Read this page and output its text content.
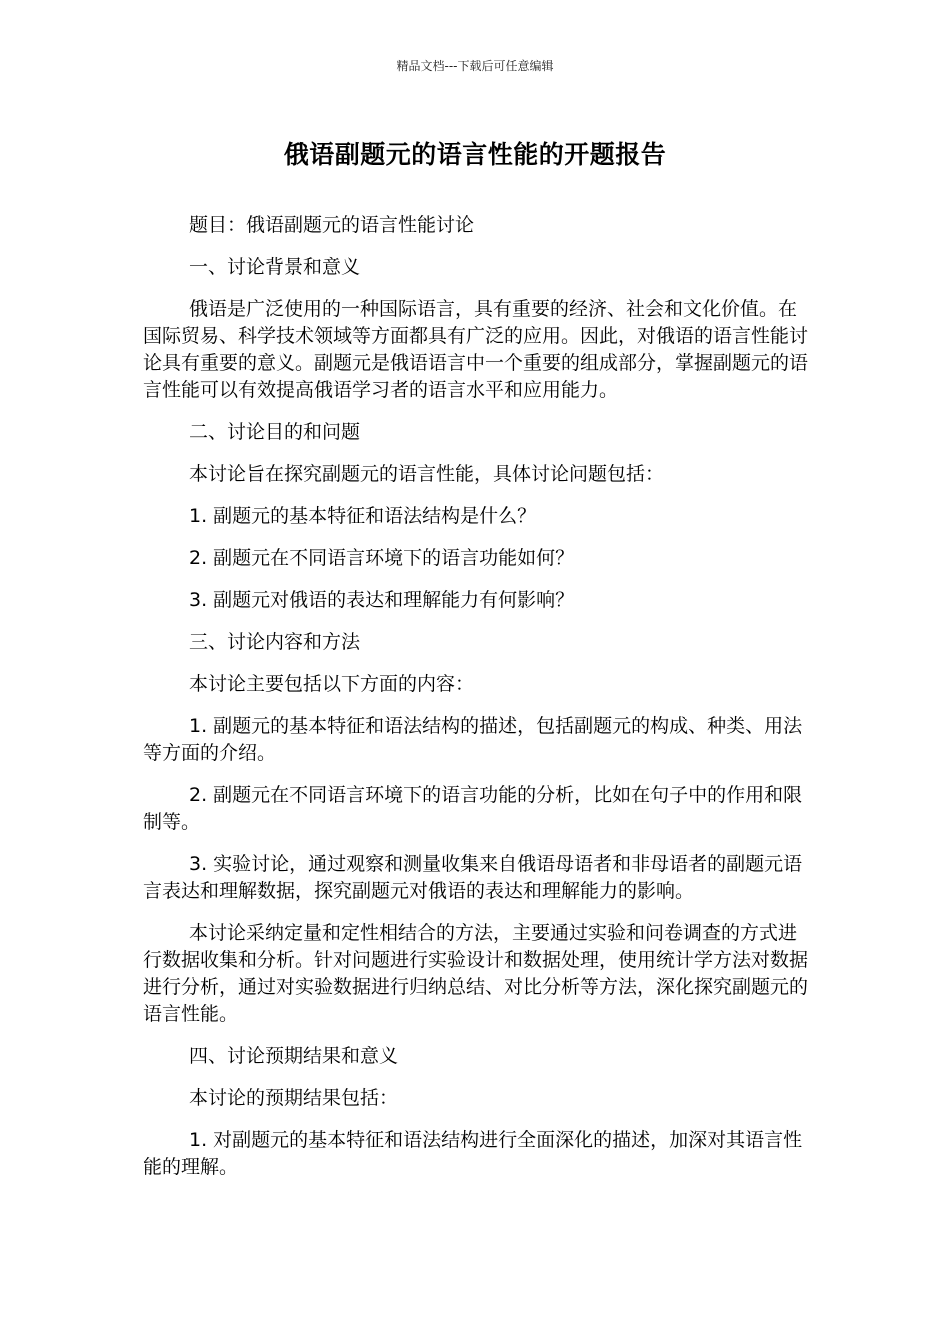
精品文档---下载后可任意编辑
俄语副题元的语言性能的开题报告

题目：俄语副题元的语言性能讨论

一、讨论背景和意义

俄语是广泛使用的一种国际语言，具有重要的经济、社会和文化价值。在国际贸易、科学技术领域等方面都具有广泛的应用。因此，对俄语的语言性能讨论具有重要的意义。副题元是俄语语言中一个重要的组成部分，掌握副题元的语言性能可以有效提高俄语学习者的语言水平和应用能力。

二、讨论目的和问题

本讨论旨在探究副题元的语言性能，具体讨论问题包括：

1. 副题元的基本特征和语法结构是什么？

2. 副题元在不同语言环境下的语言功能如何？

3. 副题元对俄语的表达和理解能力有何影响？

三、讨论内容和方法

本讨论主要包括以下方面的内容：

1. 副题元的基本特征和语法结构的描述，包括副题元的构成、种类、用法等方面的介绍。

2. 副题元在不同语言环境下的语言功能的分析，比如在句子中的作用和限制等。

3. 实验讨论，通过观察和测量收集来自俄语母语者和非母语者的副题元语言表达和理解数据，探究副题元对俄语的表达和理解能力的影响。

本讨论采纳定量和定性相结合的方法，主要通过实验和问卷调查的方式进行数据收集和分析。针对问题进行实验设计和数据处理，使用统计学方法对数据进行分析，通过对实验数据进行归纳总结、对比分析等方法，深化探究副题元的语言性能。

四、讨论预期结果和意义

本讨论的预期结果包括：

1. 对副题元的基本特征和语法结构进行全面深化的描述，加深对其语言性能的理解。
